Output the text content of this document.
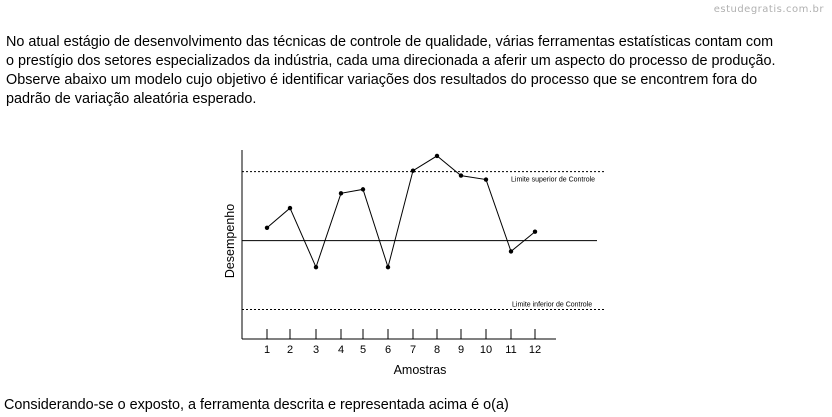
estudegratis.com.br

No atual estágio de desenvolvimento das técnicas de controle de qualidade, várias ferramentas estatísticas contam com

o prestígio dos setores especializados da indústria, cada uma direcionada a aferir um aspecto do processo de produção.

Observe abaixo um modelo cujo objetivo é identificar variações dos resultados do processo que se encontrem fora do

padrão de variação aleatória esperado.

Limite superior de Controle
Limite inferior de Controle
1 2 3 4 5 6 7 8 9 10 11 12
Amostras
Desempenho
Considerando-se o exposto, a ferramenta descrita e representada acima é o(a)
